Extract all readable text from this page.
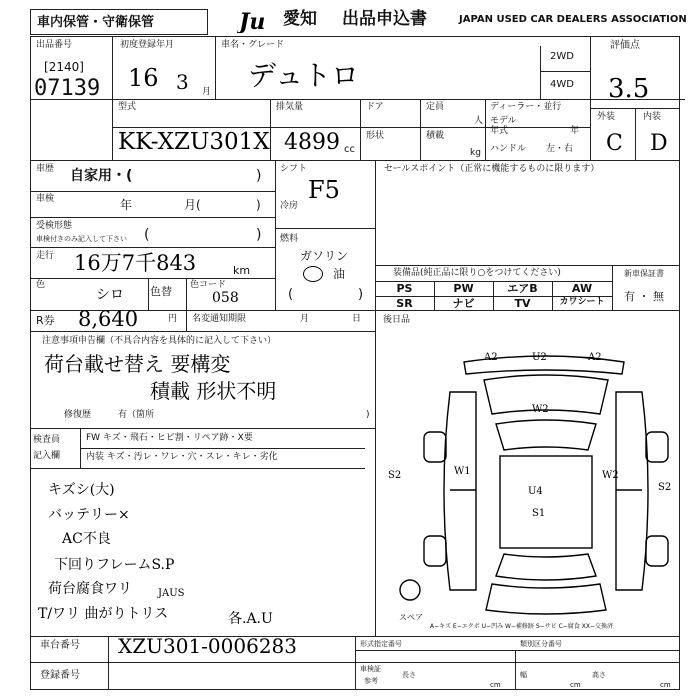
車内保管・守衛保管	Ju 愛知 出品申込書	JAPAN USED CAR DEALERS ASSOCIATION
出品番号
[2140]
07139
初度登録年月
16 3 月
車名・グレード
デュトロ
2WD
4WD
評価点
3.5
外装	内装
C D
型式
KK-XZU301X
排気量
4899 cc
ドア
形状
定員
人
積載
kg
ディーラー・並行
モデル
年式	年
ハンドル 左・右
車歴 自家用・(	)
車検	年	月(	)
受検形態
車検付きのみ記入して下さい (	)
走行 16万7千843	km
色
シロ 色替 色コード
058
シフト
F5
冷房
燃料
ガソリン
油
(	)
セールスポイント（正常に機能するものに限ります）
装備品(純正品に限り○をつけてください)
PS	PW	エアB	AW
SR	ナビ	TV	カワシート
新車保証書
有 ・ 無
R券 8,640	円 名変通知期限	月	日 後日品
注意事項申告欄（不具合内容を具体的に記入して下さい）
荷台載せ替え 要構変
積載 形状不明
修復歴	有（箇所	)
検査員
記入欄
FW キズ・飛石・ヒビ割・リペア跡・X要
内装 キズ・汚レ・ワレ・穴・スレ・キレ・劣化
キズシ(大)
バッテリー×
AC不良
下回りフレームS.P
荷台腐食ワリ	JAUS
T/ワリ 曲がりトリス	各.A.U
A2	U2	A2
W2
S2	W1	W2
S2
U4
S1
スペア
A−キズ E−エクボ U−凹み W−補修跡 S−サビ C−腐食 XX−交換済
車台番号 XZU301-0006283
登録番号
形式指定番号	類別区分番号
車検証
参考
長さ
cm
幅
cm
高さ
cm
